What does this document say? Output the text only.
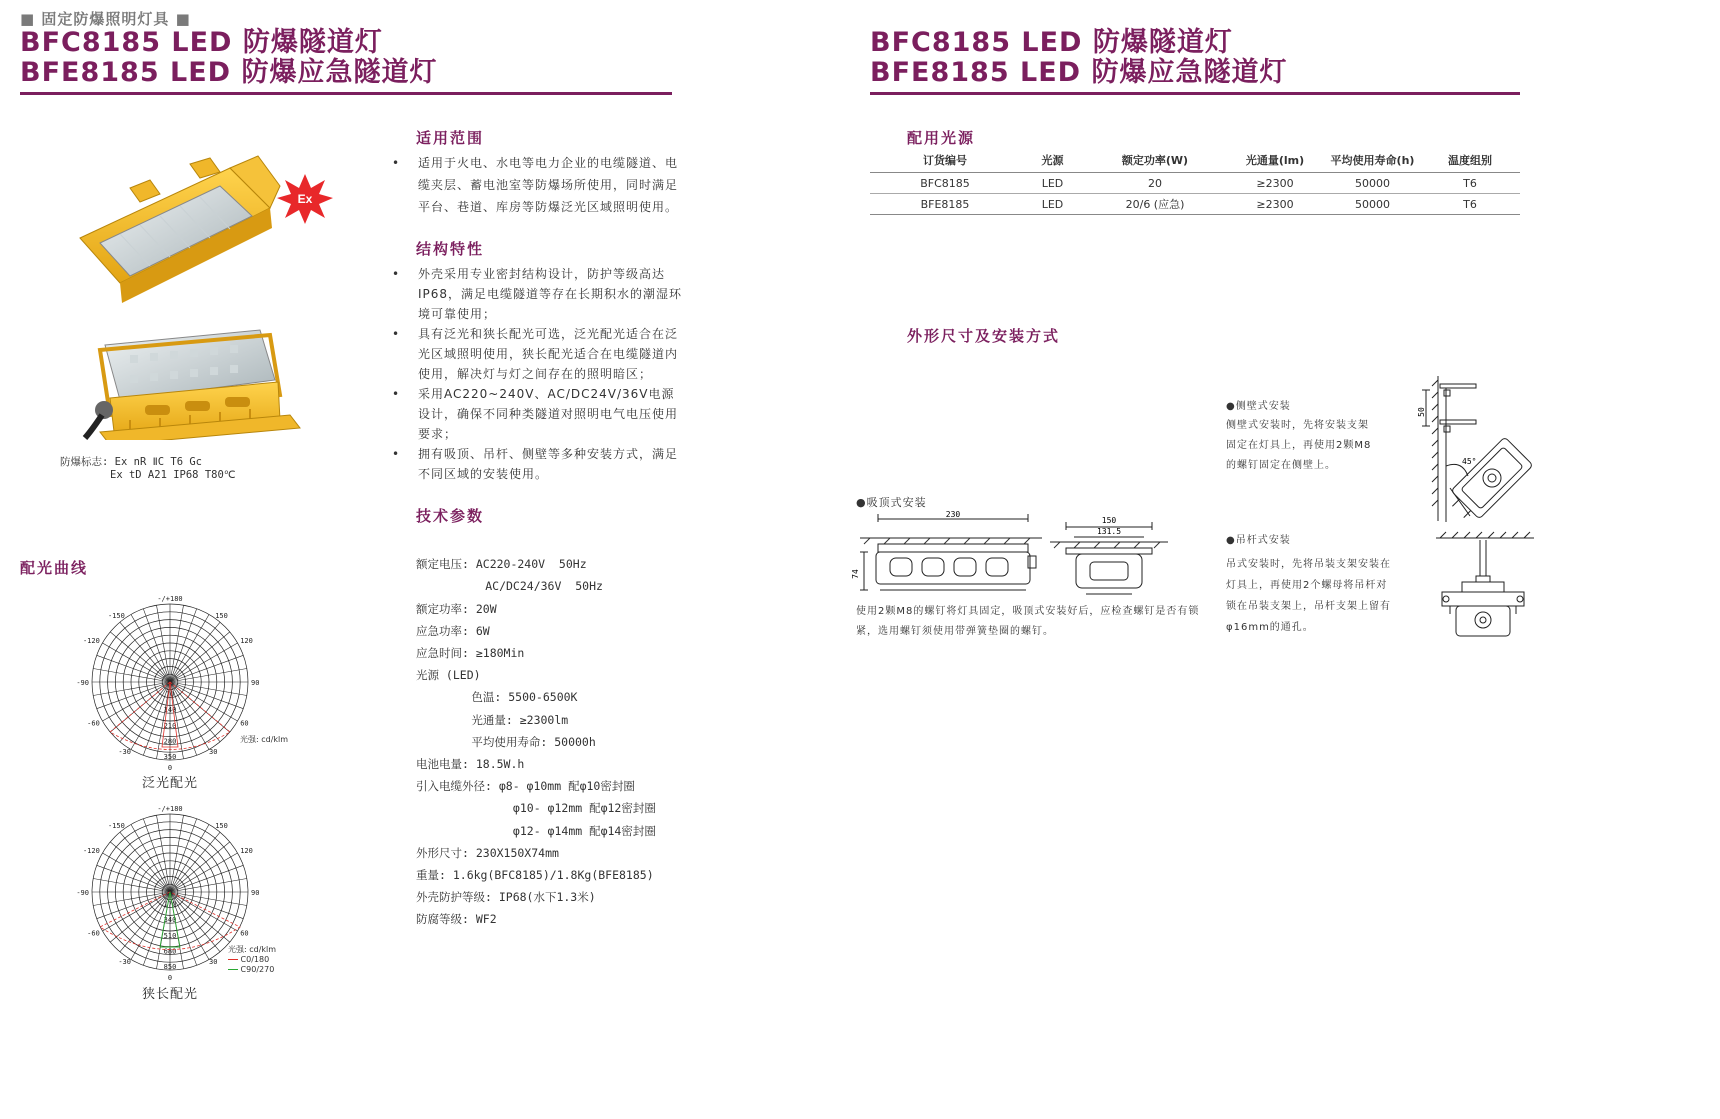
■ 固定防爆照明灯具 ■
BFC8185 LED 防爆隧道灯
BFE8185 LED 防爆应急隧道灯
Ex
防爆标志: Ex nR ⅡC T6 Gc
Ex tD A21 IP68 T80℃
配光曲线
-/+180
-150	150
-120	120
-90	90
-60	60
-30	30
0
70
140
210
280
350
光强: cd/klm
泛光配光
-/+180
-150	150
-120	120
-90	90
-60	60
-30	30
0
170
340
510
680
850
光强: cd/klm
C0/180
C90/270
狭长配光
适用范围
• 适用于火电、水电等电力企业的电缆隧道、电缆夹层、蓄电池室等防爆场所使用，同时满足平台、巷道、库房等防爆泛光区域照明使用。
结构特性
• 外壳采用专业密封结构设计，防护等级高达IP68，满足电缆隧道等存在长期积水的潮湿环境可靠使用；
• 具有泛光和狭长配光可选，泛光配光适合在泛光区域照明使用，狭长配光适合在电缆隧道内使用，解决灯与灯之间存在的照明暗区；
• 采用AC220~240V、AC/DC24V/36V电源设计，确保不同种类隧道对照明电气电压使用要求；
• 拥有吸顶、吊杆、侧壁等多种安装方式，满足不同区域的安装使用。
技术参数

额定电压: AC220-240V  50Hz
AC/DC24/36V  50Hz
额定功率: 20W
应急功率: 6W
应急时间: ≥180Min
光源 (LED)
色温: 5500-6500K
光通量: ≥2300lm
平均使用寿命: 50000h
电池电量: 18.5W.h
引入电缆外径: φ8- φ10mm 配φ10密封圈
φ10- φ12mm 配φ12密封圈
φ12- φ14mm 配φ14密封圈
外形尺寸: 230X150X74mm
重量: 1.6kg(BFC8185)/1.8Kg(BFE8185)
外壳防护等级: IP68(水下1.3米)
防腐等级: WF2

BFC8185 LED 防爆隧道灯
BFE8185 LED 防爆应急隧道灯
配用光源
订货编号	光源	额定功率(W)	光通量(lm)	平均使用寿命(h)	温度组别
BFC8185	LED	20	≥2300	50000	T6
BFE8185	LED	20/6 (应急)	≥2300	50000	T6
外形尺寸及安装方式
●吸顶式安装
230
74
150
131.5
使用2颗M8的螺钉将灯具固定，吸顶式安装好后，应检查螺钉是否有锁
紧，选用螺钉须使用带弹簧垫圈的螺钉。
●侧壁式安装
侧壁式安装时，先将安装支架
固定在灯具上，再使用2颗M8
的螺钉固定在侧壁上。
50
45°
●吊杆式安装
吊式安装时，先将吊装支架安装在
灯具上，再使用2个螺母将吊杆对
锁在吊装支架上，吊杆支架上留有
φ16mm的通孔。
